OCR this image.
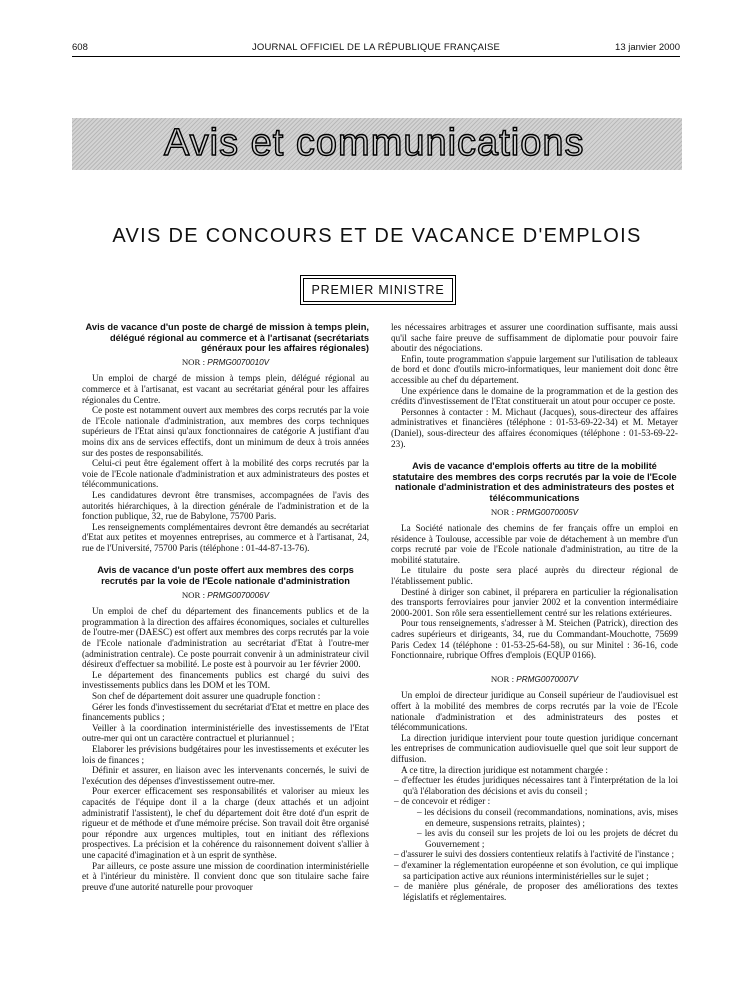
608	JOURNAL OFFICIEL DE LA RÉPUBLIQUE FRANÇAISE	13 janvier 2000
Avis et communications
AVIS DE CONCOURS ET DE VACANCE D'EMPLOIS
PREMIER MINISTRE
Avis de vacance d'un poste de chargé de mission à temps plein, délégué régional au commerce et à l'artisanat (secrétariats généraux pour les affaires régionales)
NOR : PRMG0070010V

Un emploi de chargé de mission à temps plein, délégué régional au commerce et à l'artisanat, est vacant au secrétariat général pour les affaires régionales du Centre.

Ce poste est notamment ouvert aux membres des corps recrutés par la voie de l'Ecole nationale d'administration, aux membres des corps techniques supérieurs de l'Etat ainsi qu'aux fonctionnaires de catégorie A justifiant d'au moins dix ans de services effectifs, dont un minimum de deux à trois années sur des postes de responsabilités.

Celui-ci peut être également offert à la mobilité des corps recrutés par la voie de l'Ecole nationale d'administration et aux administrateurs des postes et télécommunications.

Les candidatures devront être transmises, accompagnées de l'avis des autorités hiérarchiques, à la direction générale de l'administration et de la fonction publique, 32, rue de Babylone, 75700 Paris.

Les renseignements complémentaires devront être demandés au secrétariat d'Etat aux petites et moyennes entreprises, au commerce et à l'artisanat, 24, rue de l'Université, 75700 Paris (téléphone : 01-44-87-13-76).

Avis de vacance d'un poste offert aux membres des corps recrutés par la voie de l'Ecole nationale d'administration
NOR : PRMG0070006V

Un emploi de chef du département des financements publics et de la programmation à la direction des affaires économiques, sociales et culturelles de l'outre-mer (DAESC) est offert aux membres des corps recrutés par la voie de l'Ecole nationale d'administration au secrétariat d'Etat à l'outre-mer (administration centrale). Ce poste pourrait convenir à un administrateur civil désireux d'effectuer sa mobilité. Le poste est à pourvoir au 1er février 2000.

Le département des financements publics est chargé du suivi des investissements publics dans les DOM et les TOM.

Son chef de département doit assurer une quadruple fonction :

Gérer les fonds d'investissement du secrétariat d'Etat et mettre en place des financements publics ;

Veiller à la coordination interministérielle des investissements de l'Etat outre-mer qui ont un caractère contractuel et pluriannuel ;

Elaborer les prévisions budgétaires pour les investissements et exécuter les lois de finances ;

Définir et assurer, en liaison avec les intervenants concernés, le suivi de l'exécution des dépenses d'investissement outre-mer.

Pour exercer efficacement ses responsabilités et valoriser au mieux les capacités de l'équipe dont il a la charge (deux attachés et un adjoint administratif l'assistent), le chef du département doit être doté d'un esprit de rigueur et de méthode et d'une mémoire précise. Son travail doit être organisé pour répondre aux urgences multiples, tout en initiant des réflexions prospectives. La précision et la cohérence du raisonnement doivent s'allier à une capacité d'imagination et à un esprit de synthèse.

Par ailleurs, ce poste assure une mission de coordination interministérielle et à l'intérieur du ministère. Il convient donc que son titulaire sache faire preuve d'une autorité naturelle pour provoquer

les nécessaires arbitrages et assurer une coordination suffisante, mais aussi qu'il sache faire preuve de suffisamment de diplomatie pour pouvoir faire aboutir des négociations.

Enfin, toute programmation s'appuie largement sur l'utilisation de tableaux de bord et donc d'outils micro-informatiques, leur maniement doit donc être accessible au chef du département.

Une expérience dans le domaine de la programmation et de la gestion des crédits d'investissement de l'Etat constituerait un atout pour occuper ce poste.

Personnes à contacter : M. Michaut (Jacques), sous-directeur des affaires administratives et financières (téléphone : 01-53-69-22-34) et M. Metayer (Daniel), sous-directeur des affaires économiques (téléphone : 01-53-69-22-23).

Avis de vacance d'emplois offerts au titre de la mobilité statutaire des membres des corps recrutés par la voie de l'Ecole nationale d'administration et des administrateurs des postes et télécommunications
NOR : PRMG0070005V

La Société nationale des chemins de fer français offre un emploi en résidence à Toulouse, accessible par voie de détachement à un membre d'un corps recruté par voie de l'Ecole nationale d'administration, au titre de la mobilité statutaire.

Le titulaire du poste sera placé auprès du directeur régional de l'établissement public.

Destiné à diriger son cabinet, il préparera en particulier la régionalisation des transports ferroviaires pour janvier 2002 et la convention intermédiaire 2000-2001. Son rôle sera essentiellement centré sur les relations extérieures.

Pour tous renseignements, s'adresser à M. Steichen (Patrick), direction des cadres supérieurs et dirigeants, 34, rue du Commandant-Mouchotte, 75699 Paris Cedex 14 (téléphone : 01-53-25-64-58), ou sur Minitel : 36-16, code Fonctionnaire, rubrique Offres d'emplois (EQUP 0166).

NOR : PRMG0070007V

Un emploi de directeur juridique au Conseil supérieur de l'audiovisuel est offert à la mobilité des membres de corps recrutés par la voie de l'Ecole nationale d'administration et des administrateurs des postes et télécommunications.

La direction juridique intervient pour toute question juridique concernant les entreprises de communication audiovisuelle quel que soit leur support de diffusion.

A ce titre, la direction juridique est notamment chargée :

– d'effectuer les études juridiques nécessaires tant à l'interprétation de la loi qu'à l'élaboration des décisions et avis du conseil ;
– de concevoir et rédiger :
– les décisions du conseil (recommandations, nominations, avis, mises en demeure, suspensions retraits, plaintes) ;
– les avis du conseil sur les projets de loi ou les projets de décret du Gouvernement ;
– d'assurer le suivi des dossiers contentieux relatifs à l'activité de l'instance ;
– d'examiner la réglementation européenne et son évolution, ce qui implique sa participation active aux réunions interministérielles sur le sujet ;
– de manière plus générale, de proposer des améliorations des textes législatifs et réglementaires.
